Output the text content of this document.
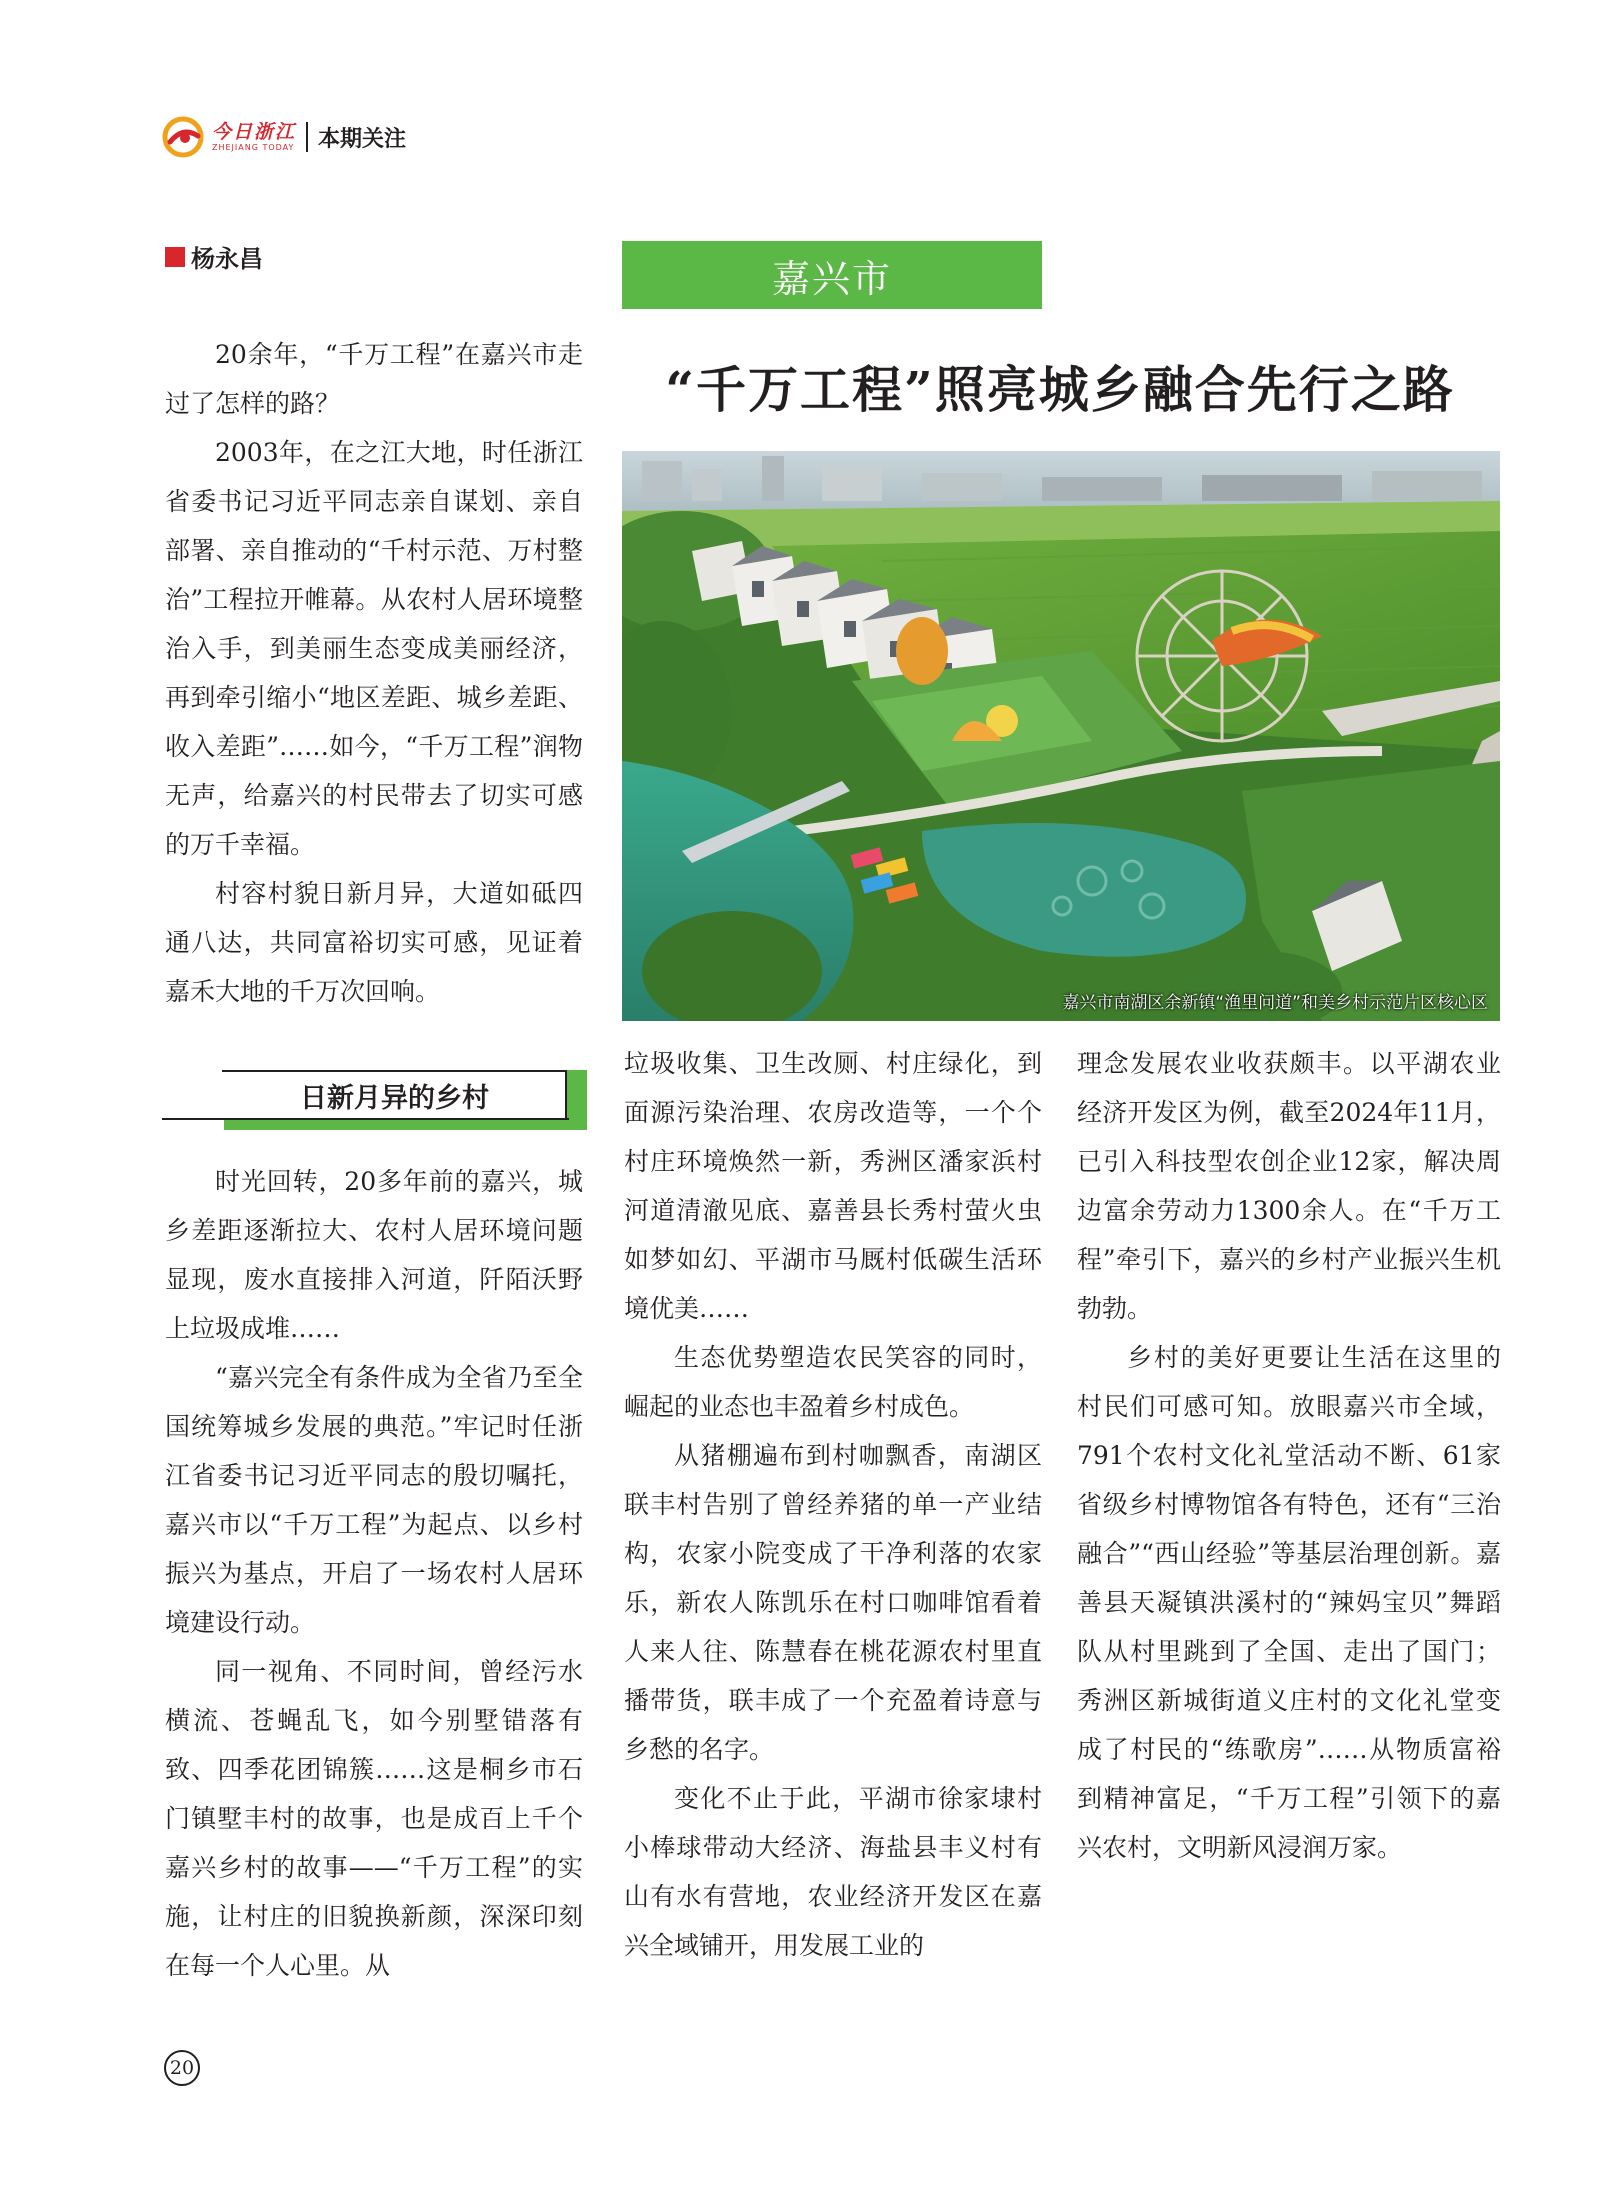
今日浙江
ZHEJIANG TODAY 本期关注
杨永昌

20余年，“千万工程”在嘉兴市走过了怎样的路？

2003年，在之江大地，时任浙江省委书记习近平同志亲自谋划、亲自部署、亲自推动的“千村示范、万村整治”工程拉开帷幕。从农村人居环境整治入手，到美丽生态变成美丽经济，再到牵引缩小“地区差距、城乡差距、收入差距”……如今，“千万工程”润物无声，给嘉兴的村民带去了切实可感的万千幸福。

村容村貌日新月异，大道如砥四通八达，共同富裕切实可感，见证着嘉禾大地的千万次回响。

嘉兴市
“千万工程”照亮城乡融合先行之路
嘉兴市南湖区余新镇“渔里问道”和美乡村示范片区核心区
日新月异的乡村

时光回转，20多年前的嘉兴，城乡差距逐渐拉大、农村人居环境问题显现，废水直接排入河道，阡陌沃野上垃圾成堆……

“嘉兴完全有条件成为全省乃至全国统筹城乡发展的典范。”牢记时任浙江省委书记习近平同志的殷切嘱托，嘉兴市以“千万工程”为起点、以乡村振兴为基点，开启了一场农村人居环境建设行动。

同一视角、不同时间，曾经污水横流、苍蝇乱飞，如今别墅错落有致、四季花团锦簇……这是桐乡市石门镇墅丰村的故事，也是成百上千个嘉兴乡村的故事——“千万工程”的实施，让村庄的旧貌换新颜，深深印刻在每一个人心里。从

垃圾收集、卫生改厕、村庄绿化，到面源污染治理、农房改造等，一个个村庄环境焕然一新，秀洲区潘家浜村河道清澈见底、嘉善县长秀村萤火虫如梦如幻、平湖市马厩村低碳生活环境优美……

生态优势塑造农民笑容的同时，崛起的业态也丰盈着乡村成色。

从猪棚遍布到村咖飘香，南湖区联丰村告别了曾经养猪的单一产业结构，农家小院变成了干净利落的农家乐，新农人陈凯乐在村口咖啡馆看着人来人往、陈慧春在桃花源农村里直播带货，联丰成了一个充盈着诗意与乡愁的名字。

变化不止于此，平湖市徐家埭村小棒球带动大经济、海盐县丰义村有山有水有营地，农业经济开发区在嘉兴全域铺开，用发展工业的

理念发展农业收获颇丰。以平湖农业经济开发区为例，截至2024年11月，已引入科技型农创企业12家，解决周边富余劳动力1300余人。在“千万工程”牵引下，嘉兴的乡村产业振兴生机勃勃。

乡村的美好更要让生活在这里的村民们可感可知。放眼嘉兴市全域，791个农村文化礼堂活动不断、61家省级乡村博物馆各有特色，还有“三治融合”“西山经验”等基层治理创新。嘉善县天凝镇洪溪村的“辣妈宝贝”舞蹈队从村里跳到了全国、走出了国门；秀洲区新城街道义庄村的文化礼堂变成了村民的“练歌房”……从物质富裕到精神富足，“千万工程”引领下的嘉兴农村，文明新风浸润万家。

20
